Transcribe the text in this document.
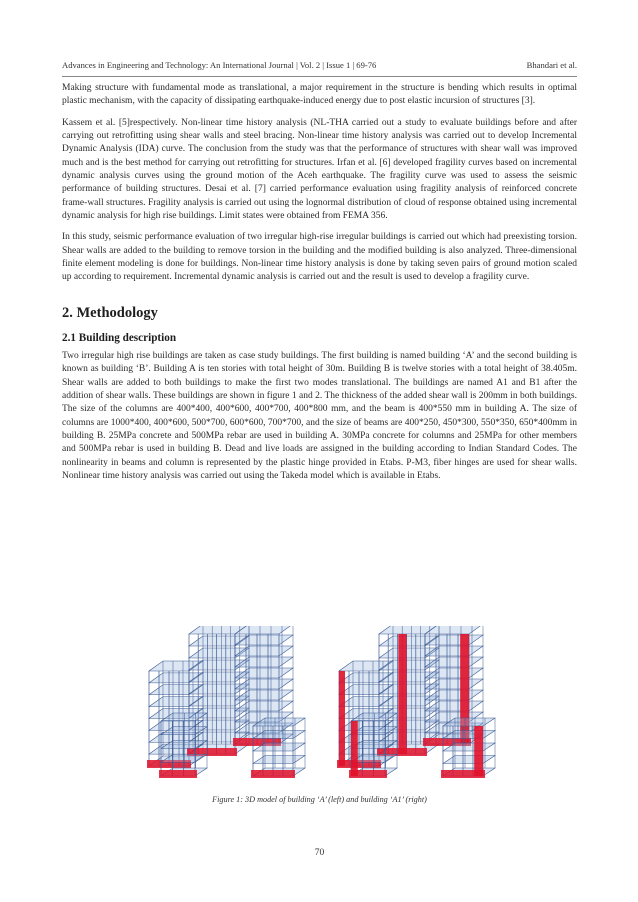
Advances in Engineering and Technology: An International Journal | Vol. 2 | Issue 1 | 69-76	Bhandari et al.

Making structure with fundamental mode as translational, a major requirement in the structure is bending which results in optimal plastic mechanism, with the capacity of dissipating earthquake-induced energy due to post elastic incursion of structures [3].

Kassem et al. [5]respectively. Non-linear time history analysis (NL-THA carried out a study to evaluate buildings before and after carrying out retrofitting using shear walls and steel bracing. Non-linear time history analysis was carried out to develop Incremental Dynamic Analysis (IDA) curve. The conclusion from the study was that the performance of structures with shear wall was improved much and is the best method for carrying out retrofitting for structures. Irfan et al. [6] developed fragility curves based on incremental dynamic analysis curves using the ground motion of the Aceh earthquake. The fragility curve was used to assess the seismic performance of building structures. Desai et al. [7] carried performance evaluation using fragility analysis of reinforced concrete frame-wall structures. Fragility analysis is carried out using the lognormal distribution of cloud of response obtained using incremental dynamic analysis for high rise buildings. Limit states were obtained from FEMA 356.

In this study, seismic performance evaluation of two irregular high-rise irregular buildings is carried out which had preexisting torsion. Shear walls are added to the building to remove torsion in the building and the modified building is also analyzed. Three-dimensional finite element modeling is done for buildings. Non-linear time history analysis is done by taking seven pairs of ground motion scaled up according to requirement. Incremental dynamic analysis is carried out and the result is used to develop a fragility curve.

2. Methodology
2.1 Building description

Two irregular high rise buildings are taken as case study buildings. The first building is named building ‘A’ and the second building is known as building ‘B’. Building A is ten stories with total height of 30m. Building B is twelve stories with a total height of 38.405m. Shear walls are added to both buildings to make the first two modes translational. The buildings are named A1 and B1 after the addition of shear walls. These buildings are shown in figure 1 and 2. The thickness of the added shear wall is 200mm in both buildings. The size of the columns are 400*400, 400*600, 400*700, 400*800 mm, and the beam is 400*550 mm in building A. The size of columns are 1000*400, 400*600, 500*700, 600*600, 700*700, and the size of beams are 400*250, 450*300, 550*350, 650*400mm in building B. 25MPa concrete and 500MPa rebar are used in building A. 30MPa concrete for columns and 25MPa for other members and 500MPa rebar is used in building B. Dead and live loads are assigned in the building according to Indian Standard Codes. The nonlinearity in beams and column is represented by the plastic hinge provided in Etabs. P-M3, fiber hinges are used for shear walls. Nonlinear time history analysis was carried out using the Takeda model which is available in Etabs.

Figure 1: 3D model of building ‘A’ (left) and building ‘A1’ (right)
70
